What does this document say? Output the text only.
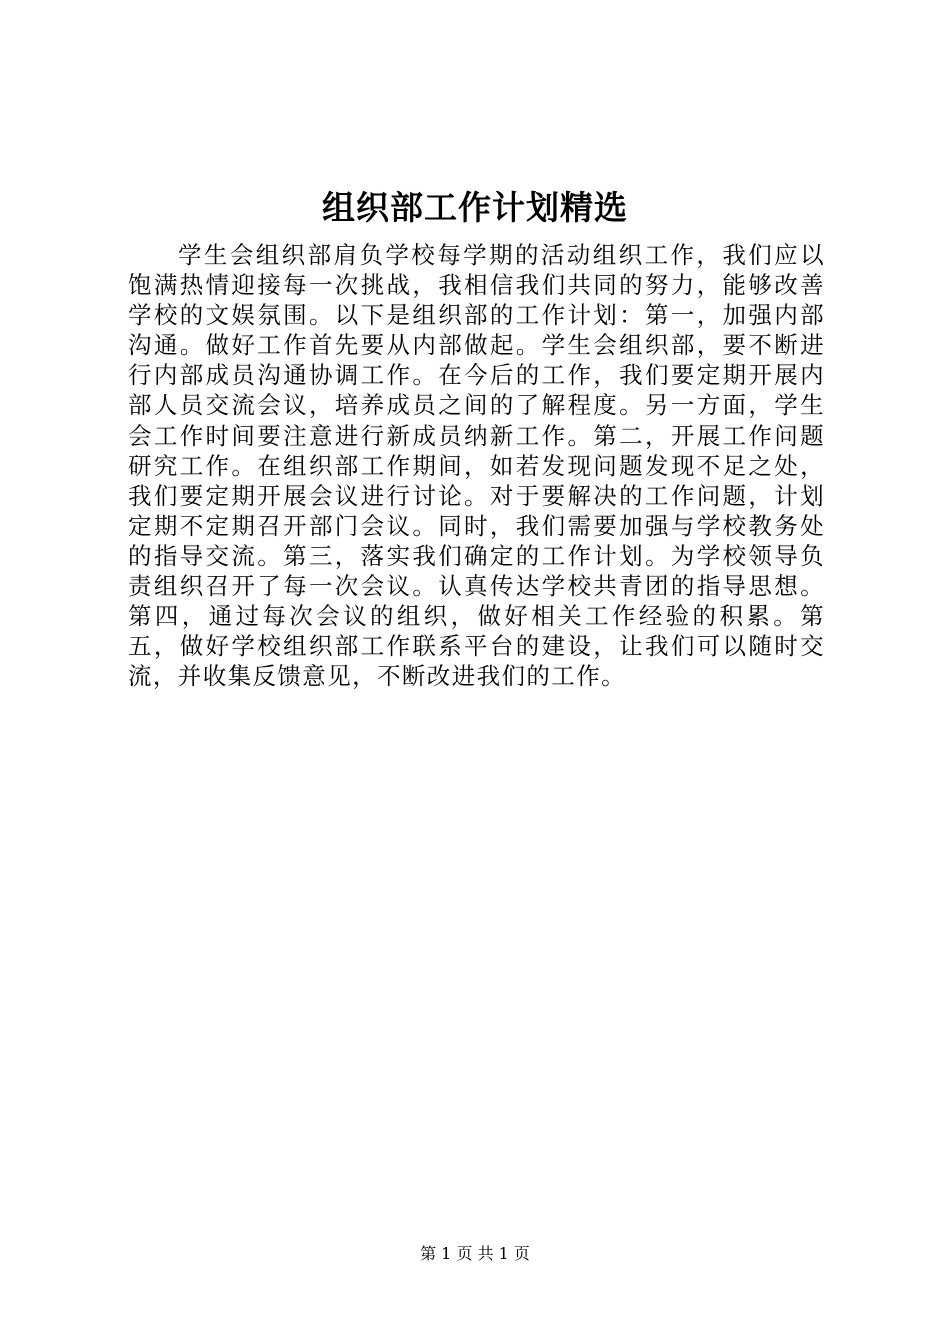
组织部工作计划精选

学生会组织部肩负学校每学期的活动组织工作，我们应以饱满热情迎接每一次挑战，我相信我们共同的努力，能够改善学校的文娱氛围。以下是组织部的工作计划：第一，加强内部沟通。做好工作首先要从内部做起。学生会组织部，要不断进行内部成员沟通协调工作。在今后的工作，我们要定期开展内部人员交流会议，培养成员之间的了解程度。另一方面，学生会工作时间要注意进行新成员纳新工作。第二，开展工作问题研究工作。在组织部工作期间，如若发现问题发现不足之处，我们要定期开展会议进行讨论。对于要解决的工作问题，计划定期不定期召开部门会议。同时，我们需要加强与学校教务处的指导交流。第三，落实我们确定的工作计划。为学校领导负责组织召开了每一次会议。认真传达学校共青团的指导思想。第四，通过每次会议的组织，做好相关工作经验的积累。第五，做好学校组织部工作联系平台的建设，让我们可以随时交流，并收集反馈意见，不断改进我们的工作。

第 1 页 共 1 页
